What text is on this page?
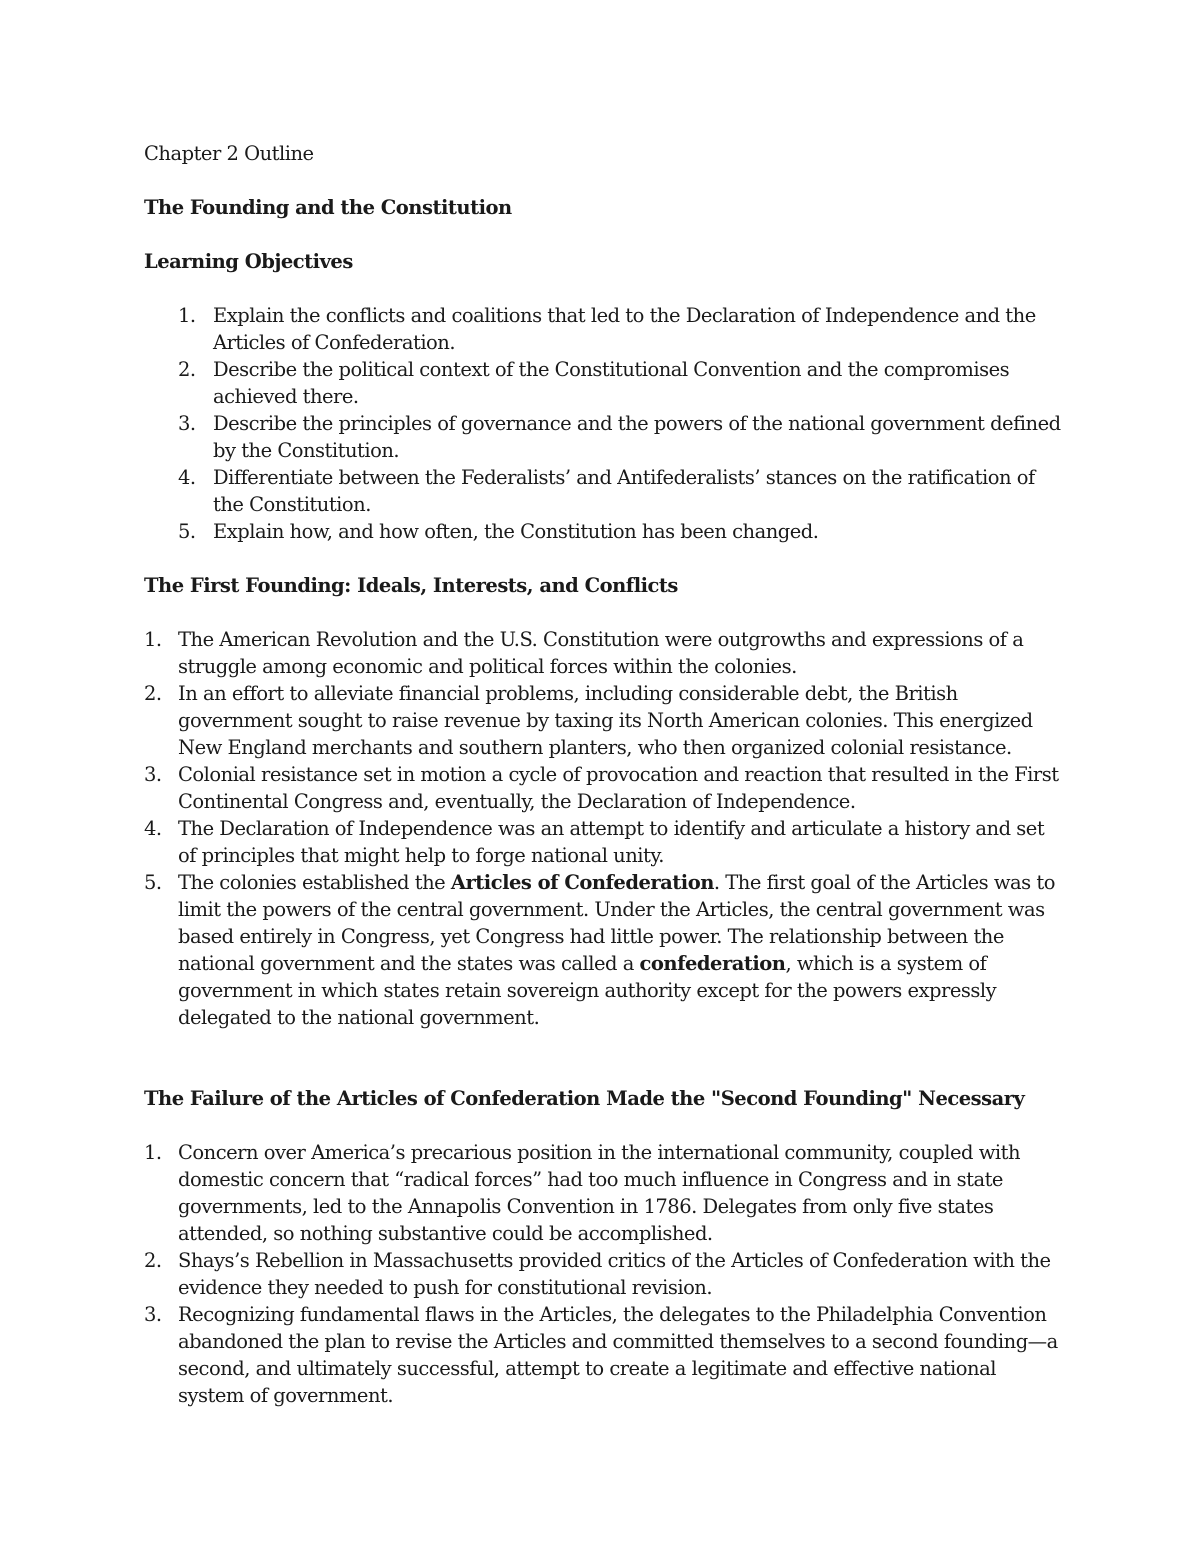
Chapter 2 Outline

The Founding and the Constitution
Learning Objectives
1. Explain the conflicts and coalitions that led to the Declaration of Independence and the Articles of Confederation.
2. Describe the political context of the Constitutional Convention and the compromises achieved there.
3. Describe the principles of governance and the powers of the national government defined by the Constitution.
4. Differentiate between the Federalists’ and Antifederalists’ stances on the ratification of the Constitution.
5. Explain how, and how often, the Constitution has been changed.
The First Founding: Ideals, Interests, and Conflicts
1. The American Revolution and the U.S. Constitution were outgrowths and expressions of a struggle among economic and political forces within the colonies.
2. In an effort to alleviate financial problems, including considerable debt, the British government sought to raise revenue by taxing its North American colonies. This energized New England merchants and southern planters, who then organized colonial resistance.
3. Colonial resistance set in motion a cycle of provocation and reaction that resulted in the First Continental Congress and, eventually, the Declaration of Independence.
4. The Declaration of Independence was an attempt to identify and articulate a history and set of principles that might help to forge national unity.
5. The colonies established the Articles of Confederation. The first goal of the Articles was to limit the powers of the central government. Under the Articles, the central government was based entirely in Congress, yet Congress had little power. The relationship between the national government and the states was called a confederation, which is a system of government in which states retain sovereign authority except for the powers expressly delegated to the national government.
The Failure of the Articles of Confederation Made the "Second Founding" Necessary
1. Concern over America’s precarious position in the international community, coupled with domestic concern that “radical forces” had too much influence in Congress and in state governments, led to the Annapolis Convention in 1786. Delegates from only five states attended, so nothing substantive could be accomplished.
2. Shays’s Rebellion in Massachusetts provided critics of the Articles of Confederation with the evidence they needed to push for constitutional revision.
3. Recognizing fundamental flaws in the Articles, the delegates to the Philadelphia Convention abandoned the plan to revise the Articles and committed themselves to a second founding—a second, and ultimately successful, attempt to create a legitimate and effective national system of government.
